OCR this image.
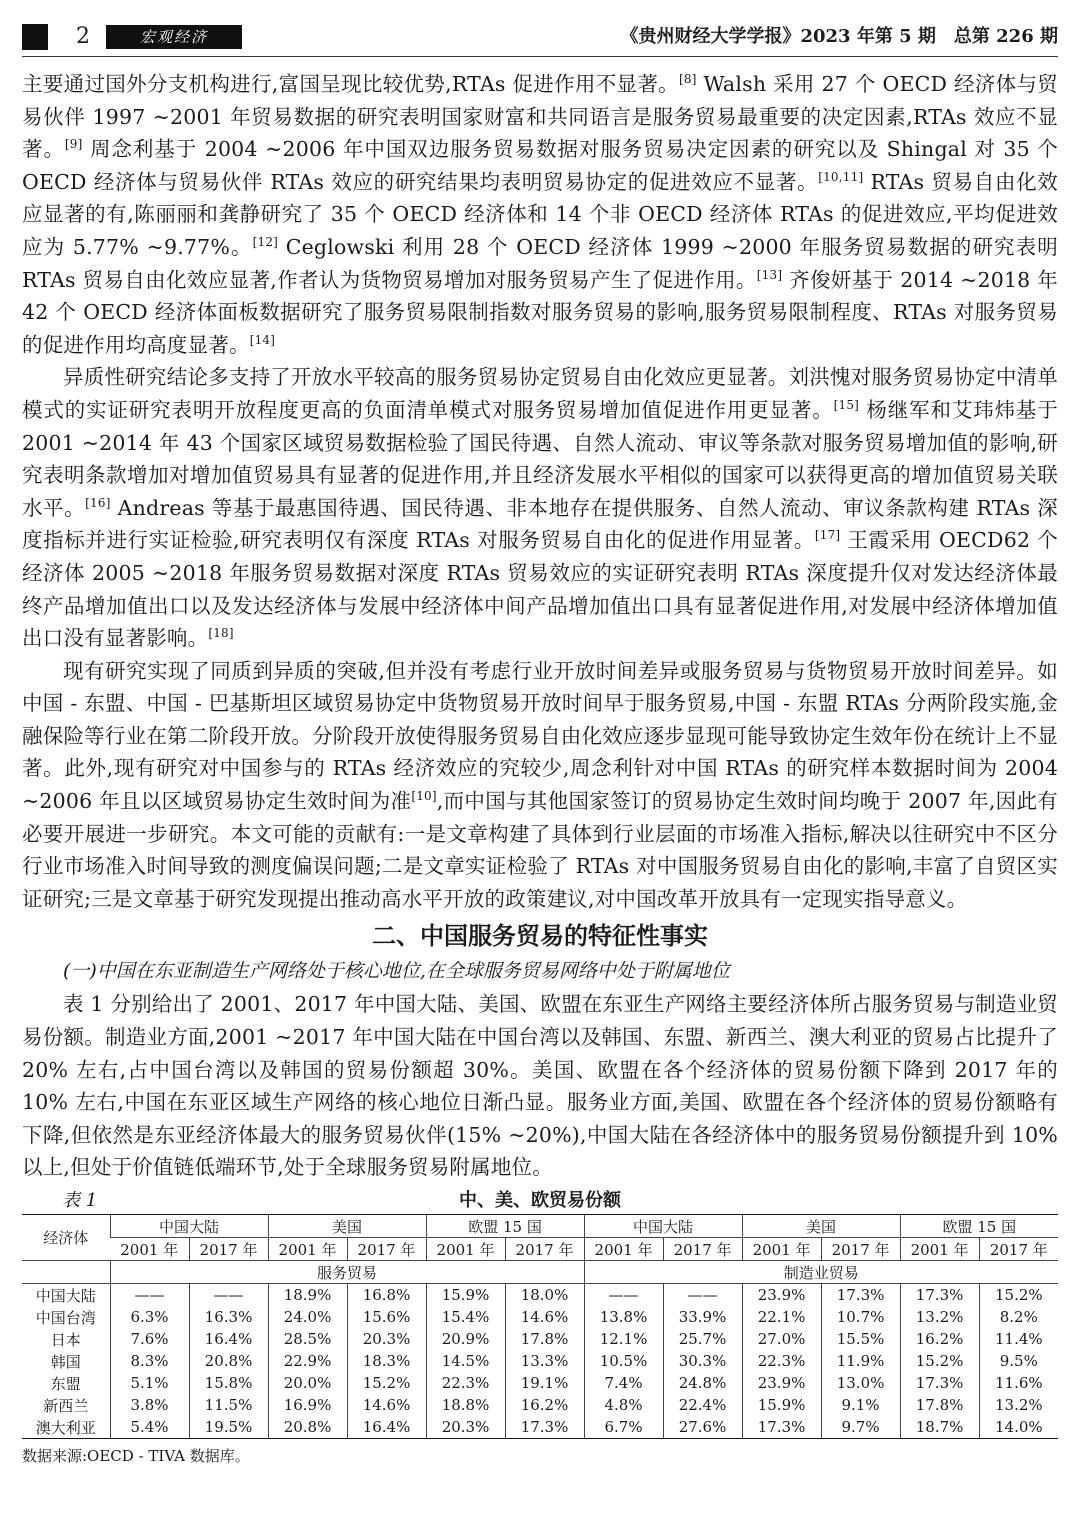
2	宏观经济	《贵州财经大学学报》2023 年第 5 期　总第 226 期

主要通过国外分支机构进行,富国呈现比较优势,RTAs 促进作用不显著。[8] Walsh 采用 27 个 OECD 经济体与贸易伙伴 1997 ~2001 年贸易数据的研究表明国家财富和共同语言是服务贸易最重要的决定因素,RTAs 效应不显著。[9] 周念利基于 2004 ~2006 年中国双边服务贸易数据对服务贸易决定因素的研究以及 Shingal 对 35 个 OECD 经济体与贸易伙伴 RTAs 效应的研究结果均表明贸易协定的促进效应不显著。[10,11] RTAs 贸易自由化效应显著的有,陈丽丽和龚静研究了 35 个 OECD 经济体和 14 个非 OECD 经济体 RTAs 的促进效应,平均促进效应为 5.77% ~9.77%。[12] Ceglowski 利用 28 个 OECD 经济体 1999 ~2000 年服务贸易数据的研究表明 RTAs 贸易自由化效应显著,作者认为货物贸易增加对服务贸易产生了促进作用。[13] 齐俊妍基于 2014 ~2018 年 42 个 OECD 经济体面板数据研究了服务贸易限制指数对服务贸易的影响,服务贸易限制程度、RTAs 对服务贸易的促进作用均高度显著。[14]

异质性研究结论多支持了开放水平较高的服务贸易协定贸易自由化效应更显著。刘洪愧对服务贸易协定中清单模式的实证研究表明开放程度更高的负面清单模式对服务贸易增加值促进作用更显著。[15] 杨继军和艾玮炜基于 2001 ~2014 年 43 个国家区域贸易数据检验了国民待遇、自然人流动、审议等条款对服务贸易增加值的影响,研究表明条款增加对增加值贸易具有显著的促进作用,并且经济发展水平相似的国家可以获得更高的增加值贸易关联水平。[16] Andreas 等基于最惠国待遇、国民待遇、非本地存在提供服务、自然人流动、审议条款构建 RTAs 深度指标并进行实证检验,研究表明仅有深度 RTAs 对服务贸易自由化的促进作用显著。[17] 王霞采用 OECD62 个经济体 2005 ~2018 年服务贸易数据对深度 RTAs 贸易效应的实证研究表明 RTAs 深度提升仅对发达经济体最终产品增加值出口以及发达经济体与发展中经济体中间产品增加值出口具有显著促进作用,对发展中经济体增加值出口没有显著影响。[18]

现有研究实现了同质到异质的突破,但并没有考虑行业开放时间差异或服务贸易与货物贸易开放时间差异。如中国 - 东盟、中国 - 巴基斯坦区域贸易协定中货物贸易开放时间早于服务贸易,中国 - 东盟 RTAs 分两阶段实施,金融保险等行业在第二阶段开放。分阶段开放使得服务贸易自由化效应逐步显现可能导致协定生效年份在统计上不显著。此外,现有研究对中国参与的 RTAs 经济效应的究较少,周念利针对中国 RTAs 的研究样本数据时间为 2004 ~2006 年且以区域贸易协定生效时间为准[10],而中国与其他国家签订的贸易协定生效时间均晚于 2007 年,因此有必要开展进一步研究。本文可能的贡献有:一是文章构建了具体到行业层面的市场准入指标,解决以往研究中不区分行业市场准入时间导致的测度偏误问题;二是文章实证检验了 RTAs 对中国服务贸易自由化的影响,丰富了自贸区实证研究;三是文章基于研究发现提出推动高水平开放的政策建议,对中国改革开放具有一定现实指导意义。

二、中国服务贸易的特征性事实
(一)中国在东亚制造生产网络处于核心地位,在全球服务贸易网络中处于附属地位

表 1 分别给出了 2001、2017 年中国大陆、美国、欧盟在东亚生产网络主要经济体所占服务贸易与制造业贸易份额。制造业方面,2001 ~2017 年中国大陆在中国台湾以及韩国、东盟、新西兰、澳大利亚的贸易占比提升了 20% 左右,占中国台湾以及韩国的贸易份额超 30%。美国、欧盟在各个经济体的贸易份额下降到 2017 年的 10% 左右,中国在东亚区域生产网络的核心地位日渐凸显。服务业方面,美国、欧盟在各个经济体的贸易份额略有下降,但依然是东亚经济体最大的服务贸易伙伴(15% ~20%),中国大陆在各经济体中的服务贸易份额提升到 10% 以上,但处于价值链低端环节,处于全球服务贸易附属地位。

表 1	中、美、欧贸易份额
经济体	中国大陆		美国		欧盟 15 国		中国大陆		美国		欧盟 15 国	
	2001 年	2017 年	2001 年	2017 年	2001 年	2017 年	2001 年	2017 年	2001 年	2017 年	2001 年	2017 年
	服务贸易						制造业贸易					
中国大陆	——	——	18.9%	16.8%	15.9%	18.0%	——	——	23.9%	17.3%	17.3%	15.2%
中国台湾	6.3%	16.3%	24.0%	15.6%	15.4%	14.6%	13.8%	33.9%	22.1%	10.7%	13.2%	8.2%
日本	7.6%	16.4%	28.5%	20.3%	20.9%	17.8%	12.1%	25.7%	27.0%	15.5%	16.2%	11.4%
韩国	8.3%	20.8%	22.9%	18.3%	14.5%	13.3%	10.5%	30.3%	22.3%	11.9%	15.2%	9.5%
东盟	5.1%	15.8%	20.0%	15.2%	22.3%	19.1%	7.4%	24.8%	23.9%	13.0%	17.3%	11.6%
新西兰	3.8%	11.5%	16.9%	14.6%	18.8%	16.2%	4.8%	22.4%	15.9%	9.1%	17.8%	13.2%
澳大利亚	5.4%	19.5%	20.8%	16.4%	20.3%	17.3%	6.7%	27.6%	17.3%	9.7%	18.7%	14.0%
数据来源:OECD - TIVA 数据库。
